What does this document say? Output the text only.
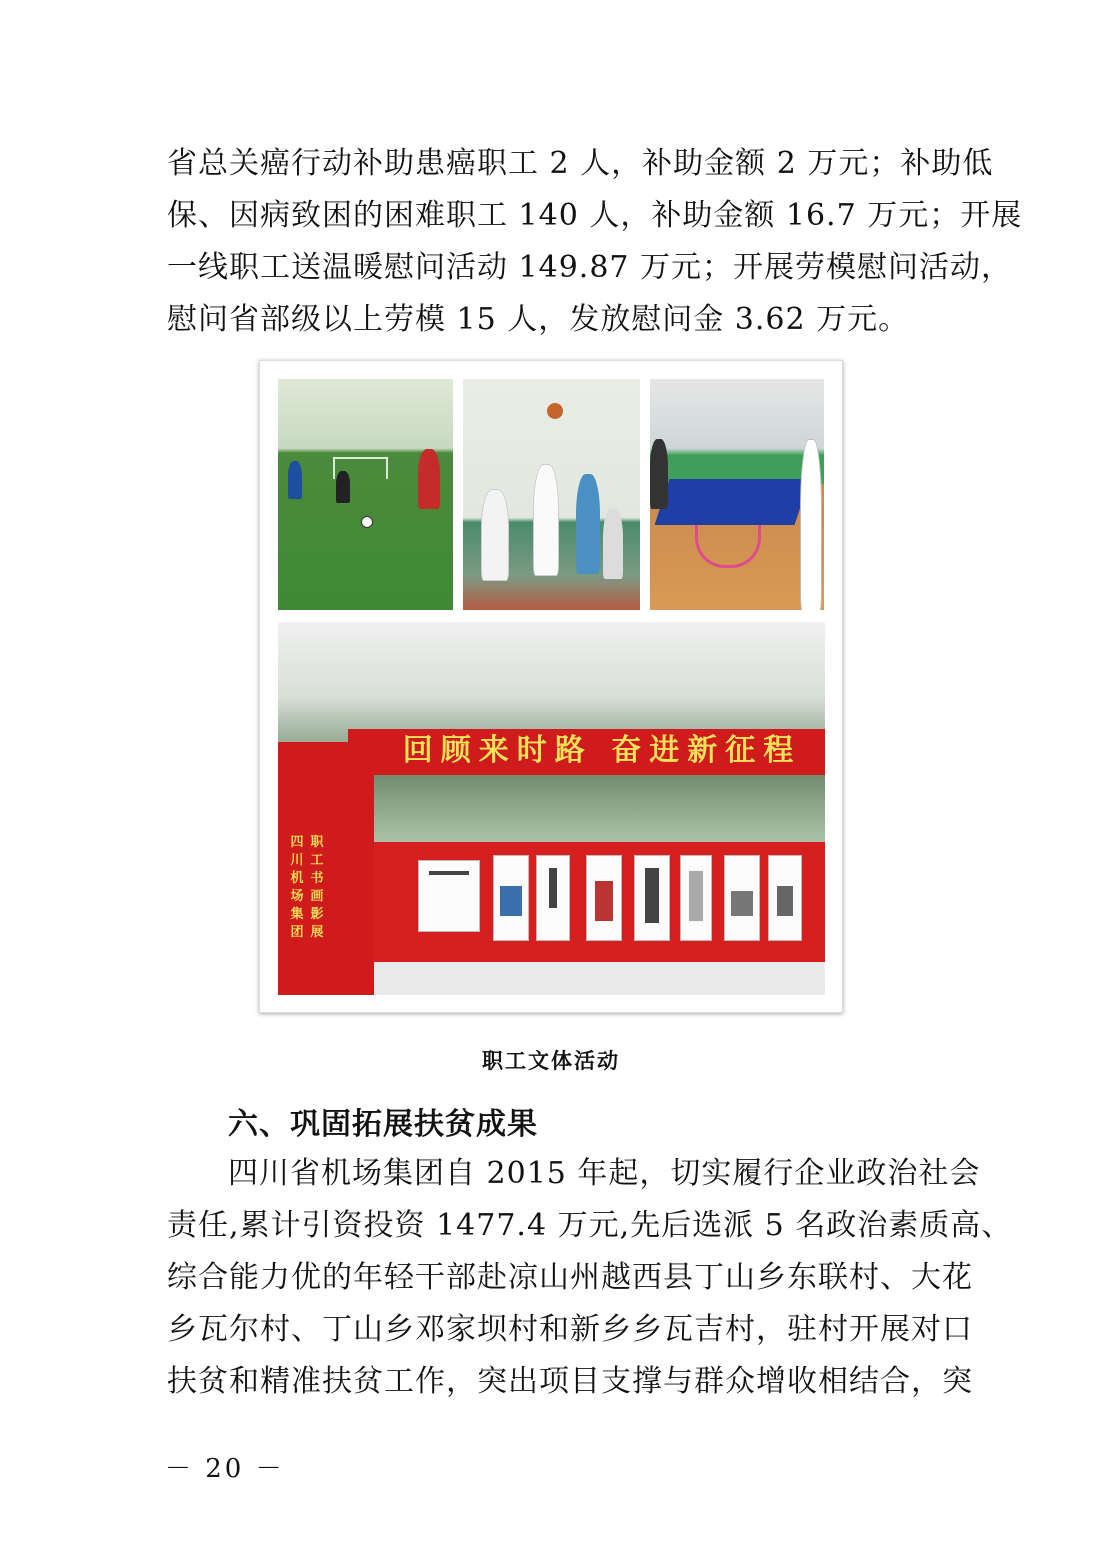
省总关癌行动补助患癌职工 2 人，补助金额 2 万元；补助低
保、因病致困的困难职工 140 人，补助金额 16.7 万元；开展
一线职工送温暖慰问活动 149.87 万元；开展劳模慰问活动，
慰问省部级以上劳模 15 人，发放慰问金 3.62 万元。
回顾来时路 奋进新征程
四川机场集团
职工书画影展
职工文体活动
六、巩固拓展扶贫成果
四川省机场集团自 2015 年起，切实履行企业政治社会
责任,累计引资投资 1477.4 万元,先后选派 5 名政治素质高、
综合能力优的年轻干部赴凉山州越西县丁山乡东联村、大花
乡瓦尔村、丁山乡邓家坝村和新乡乡瓦吉村，驻村开展对口
扶贫和精准扶贫工作，突出项目支撑与群众增收相结合，突
－ 20 －
